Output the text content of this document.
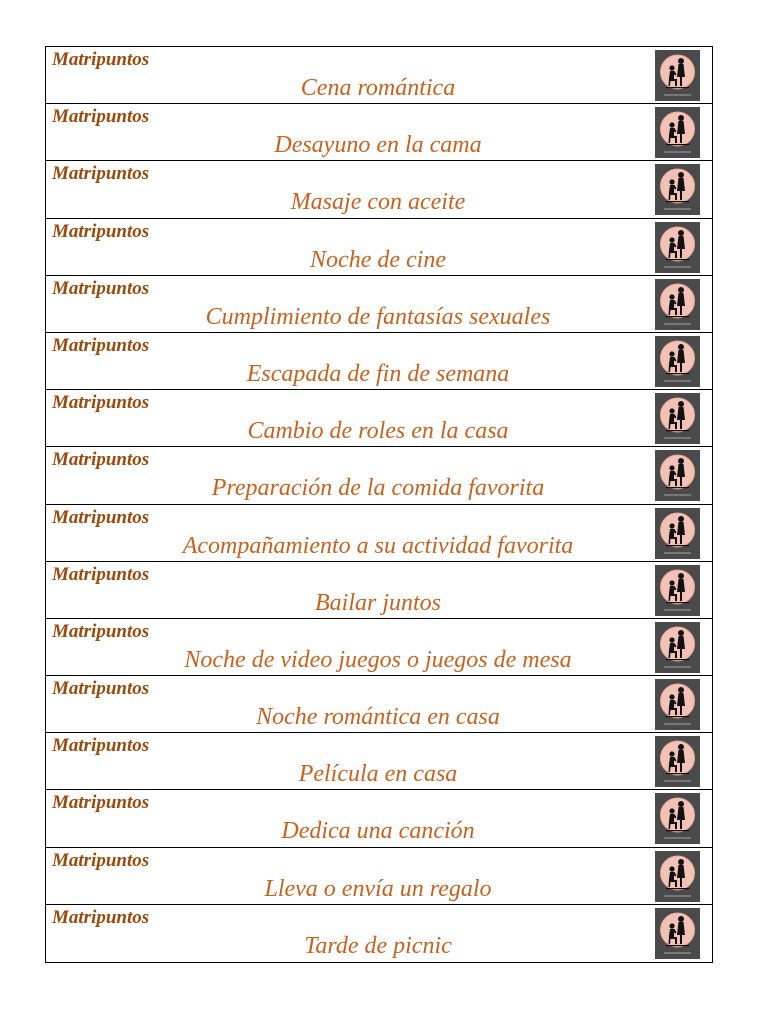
Matripuntos
Cena romántica
Matripuntos
Desayuno en la cama
Matripuntos
Masaje con aceite
Matripuntos
Noche de cine
Matripuntos
Cumplimiento de fantasías sexuales
Matripuntos
Escapada de fin de semana
Matripuntos
Cambio de roles en la casa
Matripuntos
Preparación de la comida favorita
Matripuntos
Acompañamiento a su actividad favorita
Matripuntos
Bailar juntos
Matripuntos
Noche de video juegos o juegos de mesa
Matripuntos
Noche romántica en casa
Matripuntos
Película en casa
Matripuntos
Dedica una canción
Matripuntos
Lleva o envía un regalo
Matripuntos
Tarde de picnic
